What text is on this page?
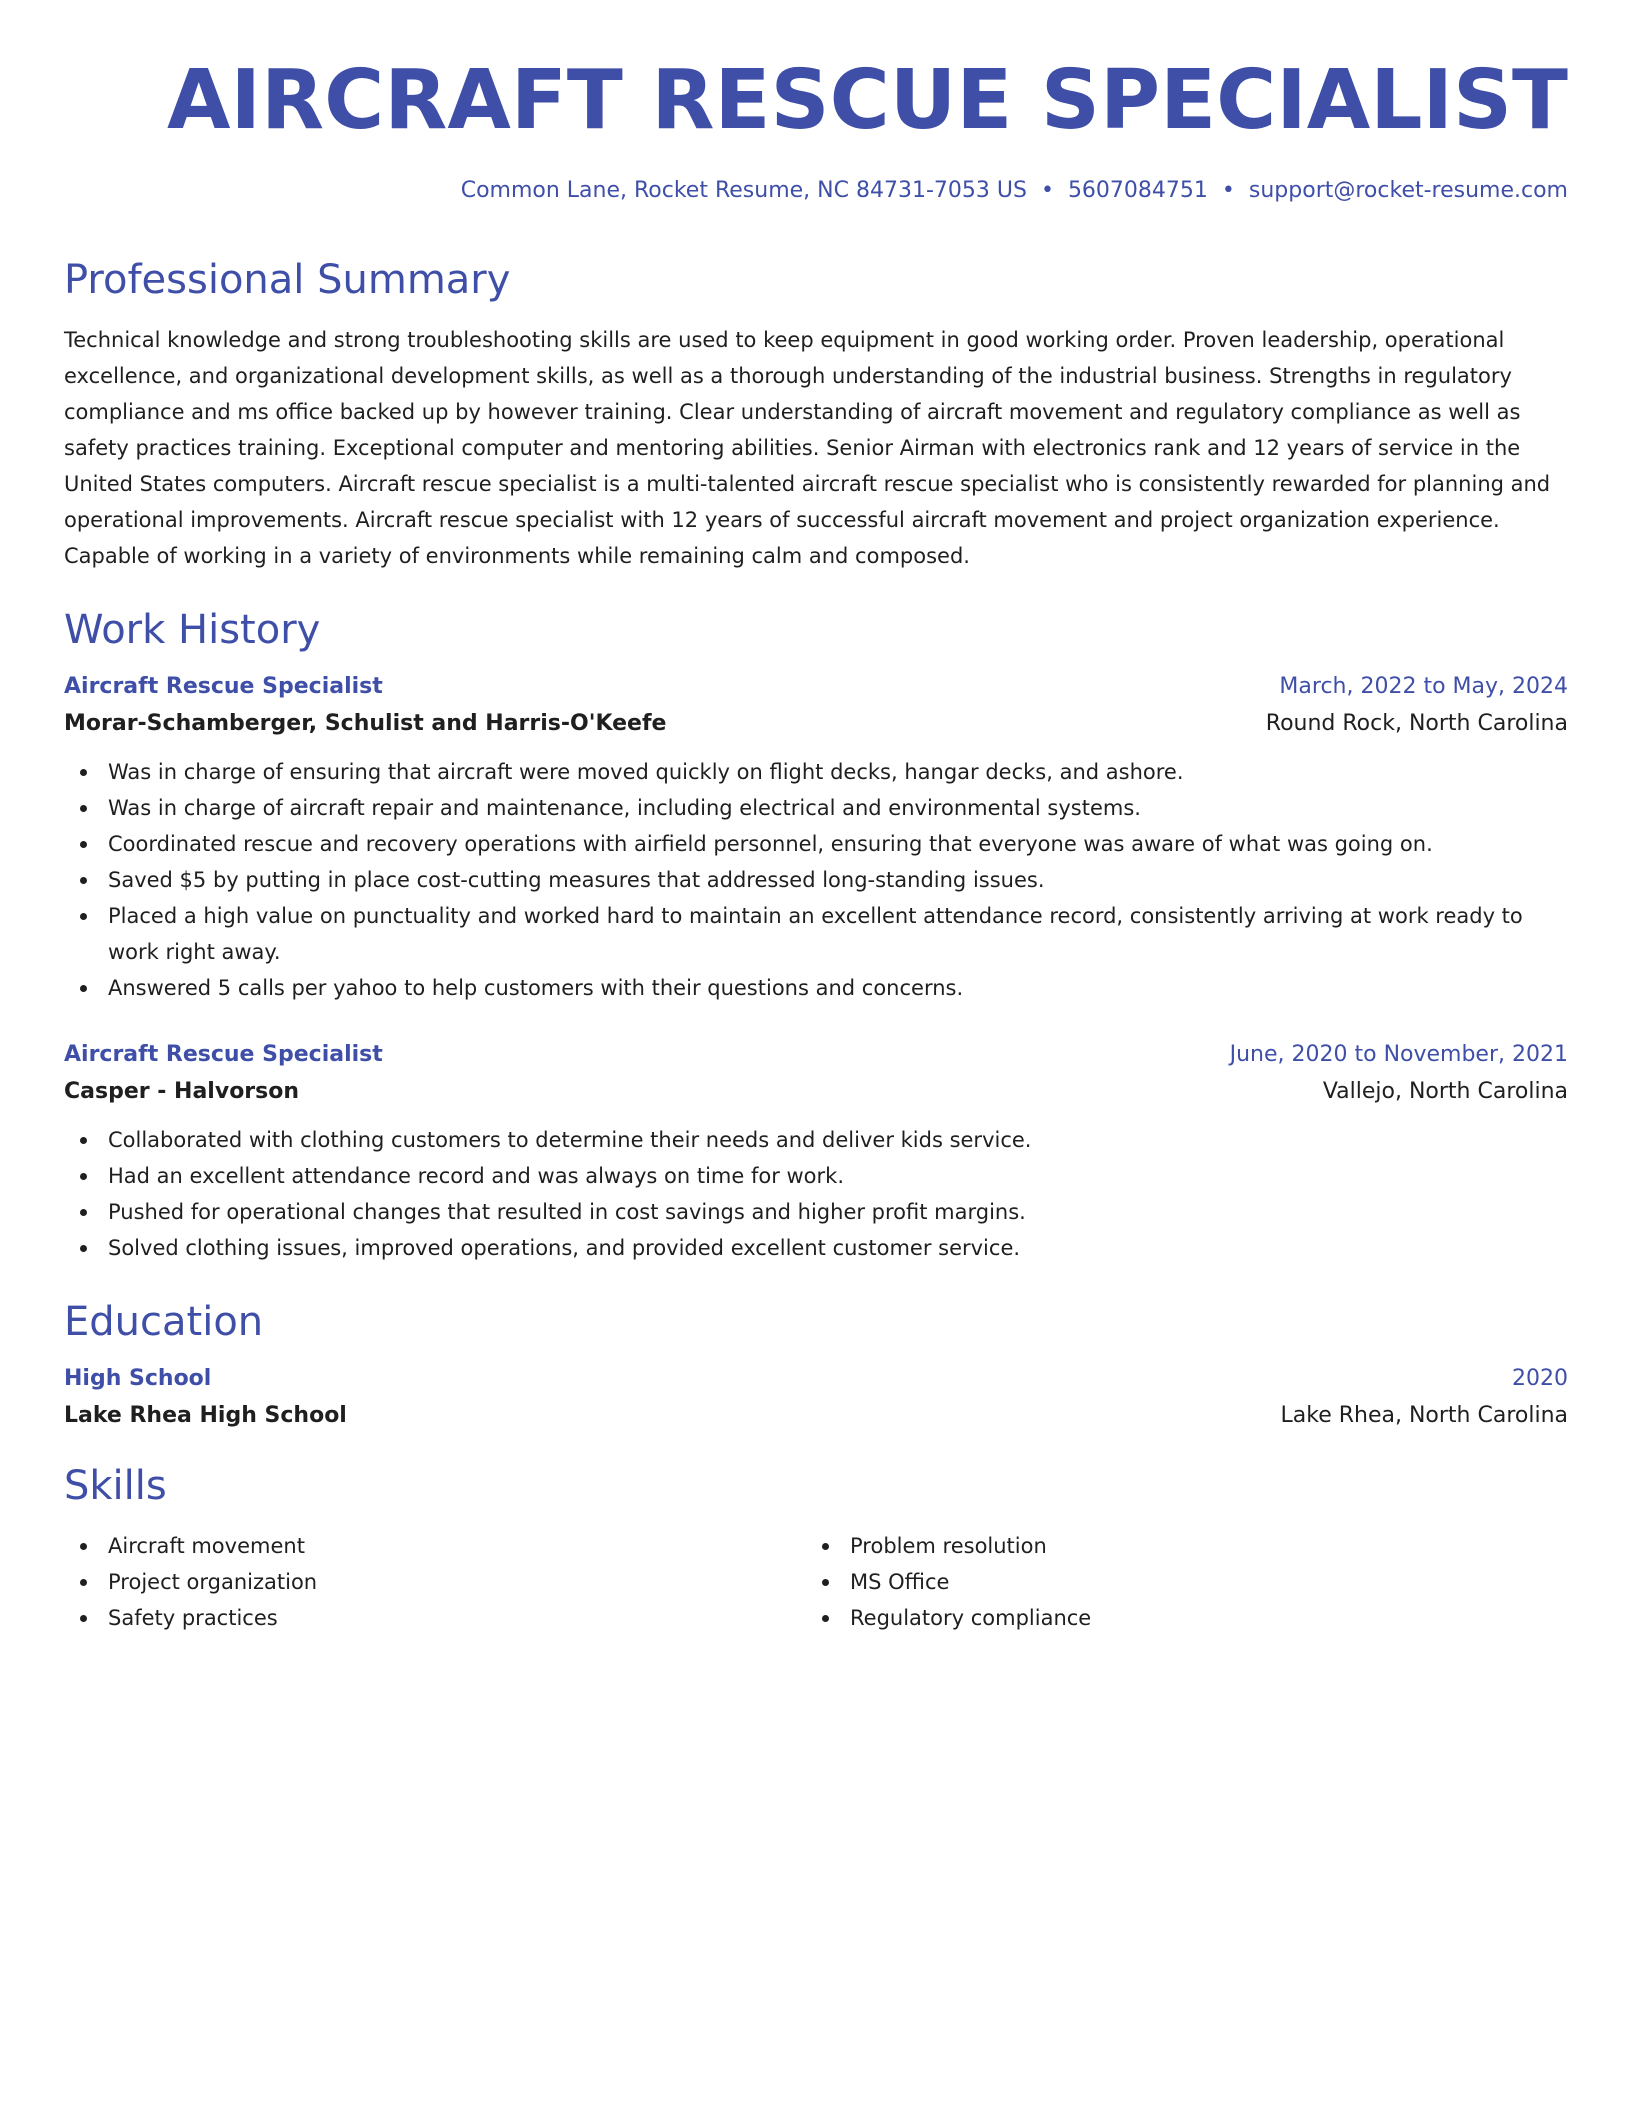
AIRCRAFT RESCUE SPECIALIST
Common Lane, Rocket Resume, NC 84731-7053 US • 5607084751 • support@rocket-resume.com
Professional Summary

Technical knowledge and strong troubleshooting skills are used to keep equipment in good working order. Proven leadership, operational excellence, and organizational development skills, as well as a thorough understanding of the industrial business. Strengths in regulatory compliance and ms office backed up by however training. Clear understanding of aircraft movement and regulatory compliance as well as safety practices training. Exceptional computer and mentoring abilities. Senior Airman with electronics rank and 12 years of service in the United States computers. Aircraft rescue specialist is a multi-talented aircraft rescue specialist who is consistently rewarded for planning and operational improvements. Aircraft rescue specialist with 12 years of successful aircraft movement and project organization experience. Capable of working in a variety of environments while remaining calm and composed.

Work History
Aircraft Rescue Specialist	March, 2022 to May, 2024
Morar-Schamberger, Schulist and Harris-O'Keefe	Round Rock, North Carolina
Was in charge of ensuring that aircraft were moved quickly on flight decks, hangar decks, and ashore.
Was in charge of aircraft repair and maintenance, including electrical and environmental systems.
Coordinated rescue and recovery operations with airfield personnel, ensuring that everyone was aware of what was going on.
Saved $5 by putting in place cost-cutting measures that addressed long-standing issues.
Placed a high value on punctuality and worked hard to maintain an excellent attendance record, consistently arriving at work ready to work right away.
Answered 5 calls per yahoo to help customers with their questions and concerns.
Aircraft Rescue Specialist	June, 2020 to November, 2021
Casper - Halvorson	Vallejo, North Carolina
Collaborated with clothing customers to determine their needs and deliver kids service.
Had an excellent attendance record and was always on time for work.
Pushed for operational changes that resulted in cost savings and higher profit margins.
Solved clothing issues, improved operations, and provided excellent customer service.
Education
High School	2020
Lake Rhea High School	Lake Rhea, North Carolina
Skills
Aircraft movement
Project organization
Safety practices
Problem resolution
MS Office
Regulatory compliance
